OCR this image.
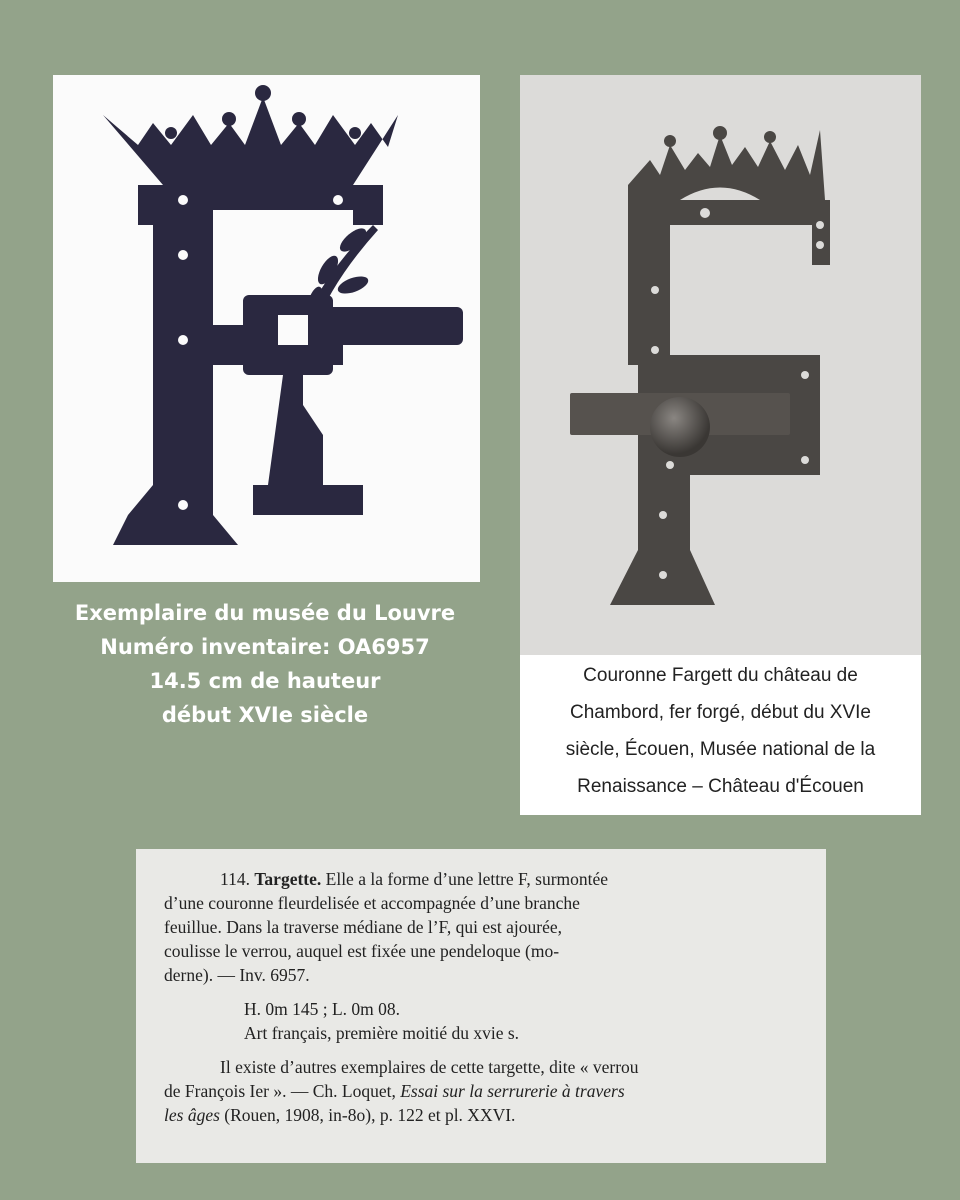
Exemplaire du musée du Louvre
Numéro inventaire: OA6957
14.5 cm de hauteur
début XVIe siècle
Couronne Fargett du château de
Chambord, fer forgé, début du XVIe
siècle, Écouen, Musée national de la
Renaissance – Château d'Écouen
114. Targette. Elle a la forme d’une lettre F, surmontée
d’une couronne fleurdelisée et accompagnée d’une branche
feuillue. Dans la traverse médiane de l’F, qui est ajourée,
coulisse le verrou, auquel est fixée une pendeloque (mo-
derne). — Inv. 6957.
H. 0m 145 ; L. 0m 08.
Art français, première moitié du xvie s.
Il existe d’autres exemplaires de cette targette, dite « verrou
de François Ier ». — Ch. Loquet, Essai sur la serrurerie à travers
les âges (Rouen, 1908, in-8o), p. 122 et pl. XXVI.
